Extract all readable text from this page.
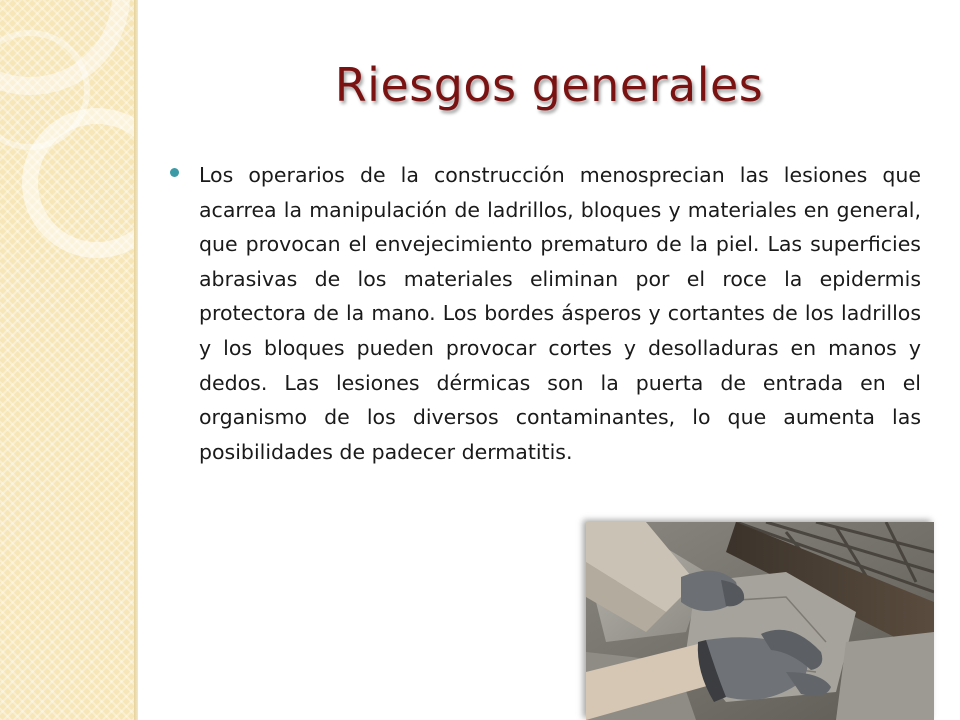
Riesgos generales
Los operarios de la construcción menosprecian las lesiones que acarrea la manipulación de ladrillos, bloques y materiales en general, que provocan el envejecimiento prematuro de la piel. Las superficies abrasivas de los materiales eliminan por el roce la epidermis protectora de la mano. Los bordes ásperos y cortantes de los ladrillos y los bloques pueden provocar cortes y desolladuras en manos y dedos. Las lesiones dérmicas son la puerta de entrada en el organismo de los diversos contaminantes, lo que aumenta las posibilidades de padecer dermatitis.
